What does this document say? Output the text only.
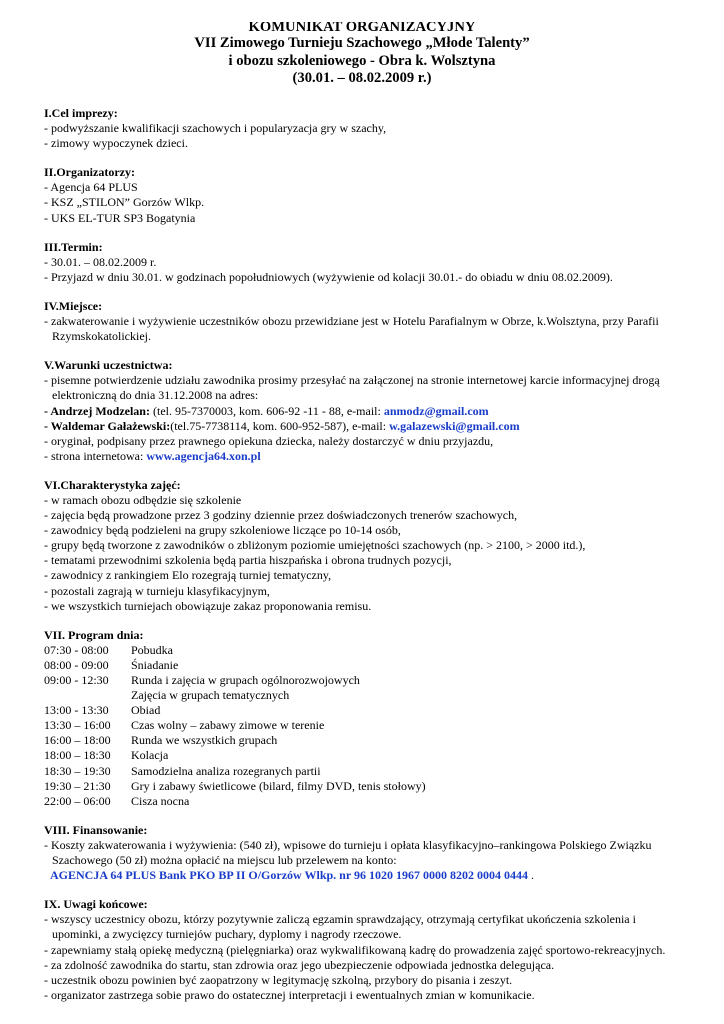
KOMUNIKAT ORGANIZACYJNY
VII Zimowego Turnieju Szachowego „Młode Talenty”
i obozu szkoleniowego - Obra k. Wolsztyna
(30.01. – 08.02.2009 r.)
I.Cel imprezy:
- podwyższanie kwalifikacji szachowych i popularyzacja gry w szachy,
- zimowy wypoczynek dzieci.
II.Organizatorzy:
- Agencja 64 PLUS
- KSZ „STILON” Gorzów Wlkp.
- UKS EL-TUR SP3 Bogatynia
III.Termin:
- 30.01. – 08.02.2009 r.
- Przyjazd w dniu 30.01. w godzinach popołudniowych (wyżywienie od kolacji 30.01.- do obiadu w dniu 08.02.2009).
IV.Miejsce:
- zakwaterowanie i wyżywienie uczestników obozu przewidziane jest w Hotelu Parafialnym w Obrze, k.Wolsztyna, przy Parafii
Rzymskokatolickiej.
V.Warunki uczestnictwa:
- pisemne potwierdzenie udziału zawodnika prosimy przesyłać na załączonej na stronie internetowej karcie informacyjnej drogą
elektroniczną do dnia 31.12.2008 na adres:
- Andrzej Modzelan: (tel. 95-7370003, kom. 606-92 -11 - 88, e-mail: anmodz@gmail.com
- Waldemar Gałażewski:(tel.75-7738114, kom. 600-952-587), e-mail: w.galazewski@gmail.com
- oryginał, podpisany przez prawnego opiekuna dziecka, należy dostarczyć w dniu przyjazdu,
- strona internetowa: www.agencja64.xon.pl
VI.Charakterystyka zajęć:
- w ramach obozu odbędzie się szkolenie
- zajęcia będą prowadzone przez 3 godziny dziennie przez doświadczonych trenerów szachowych,
- zawodnicy będą podzieleni na grupy szkoleniowe liczące po 10-14 osób,
- grupy będą tworzone z zawodników o zbliżonym poziomie umiejętności szachowych (np. > 2100, > 2000 itd.),
- tematami przewodnimi szkolenia będą partia hiszpańska i obrona trudnych pozycji,
- zawodnicy z rankingiem Elo rozegrają turniej tematyczny,
- pozostali zagrają w turnieju klasyfikacyjnym,
- we wszystkich turniejach obowiązuje zakaz proponowania remisu.
VII. Program dnia:
07:30 - 08:00	Pobudka
08:00 - 09:00	Śniadanie
09:00 - 12:30	Runda i zajęcia w grupach ogólnorozwojowych
	Zajęcia w grupach tematycznych
13:00 - 13:30	Obiad
13:30 – 16:00	Czas wolny – zabawy zimowe w terenie
16:00 – 18:00	Runda we wszystkich grupach
18:00 – 18:30	Kolacja
18:30 – 19:30	Samodzielna analiza rozegranych partii
19:30 – 21:30	Gry i zabawy świetlicowe (bilard, filmy DVD, tenis stołowy)
22:00 – 06:00	Cisza nocna
VIII. Finansowanie:
- Koszty zakwaterowania i wyżywienia: (540 zł), wpisowe do turnieju i opłata klasyfikacyjno–rankingowa Polskiego Związku
Szachowego (50 zł) można opłacić na miejscu lub przelewem na konto:
AGENCJA 64 PLUS Bank PKO BP II O/Gorzów Wlkp. nr 96 1020 1967 0000 8202 0004 0444 .
IX. Uwagi końcowe:
- wszyscy uczestnicy obozu, którzy pozytywnie zaliczą egzamin sprawdzający, otrzymają certyfikat ukończenia szkolenia i
upominki, a zwycięzcy turniejów puchary, dyplomy i nagrody rzeczowe.
- zapewniamy stałą opiekę medyczną (pielęgniarka) oraz wykwalifikowaną kadrę do prowadzenia zajęć sportowo-rekreacyjnych.
- za zdolność zawodnika do startu, stan zdrowia oraz jego ubezpieczenie odpowiada jednostka delegująca.
- uczestnik obozu powinien być zaopatrzony w legitymację szkolną, przybory do pisania i zeszyt.
- organizator zastrzega sobie prawo do ostatecznej interpretacji i ewentualnych zmian w komunikacie.
